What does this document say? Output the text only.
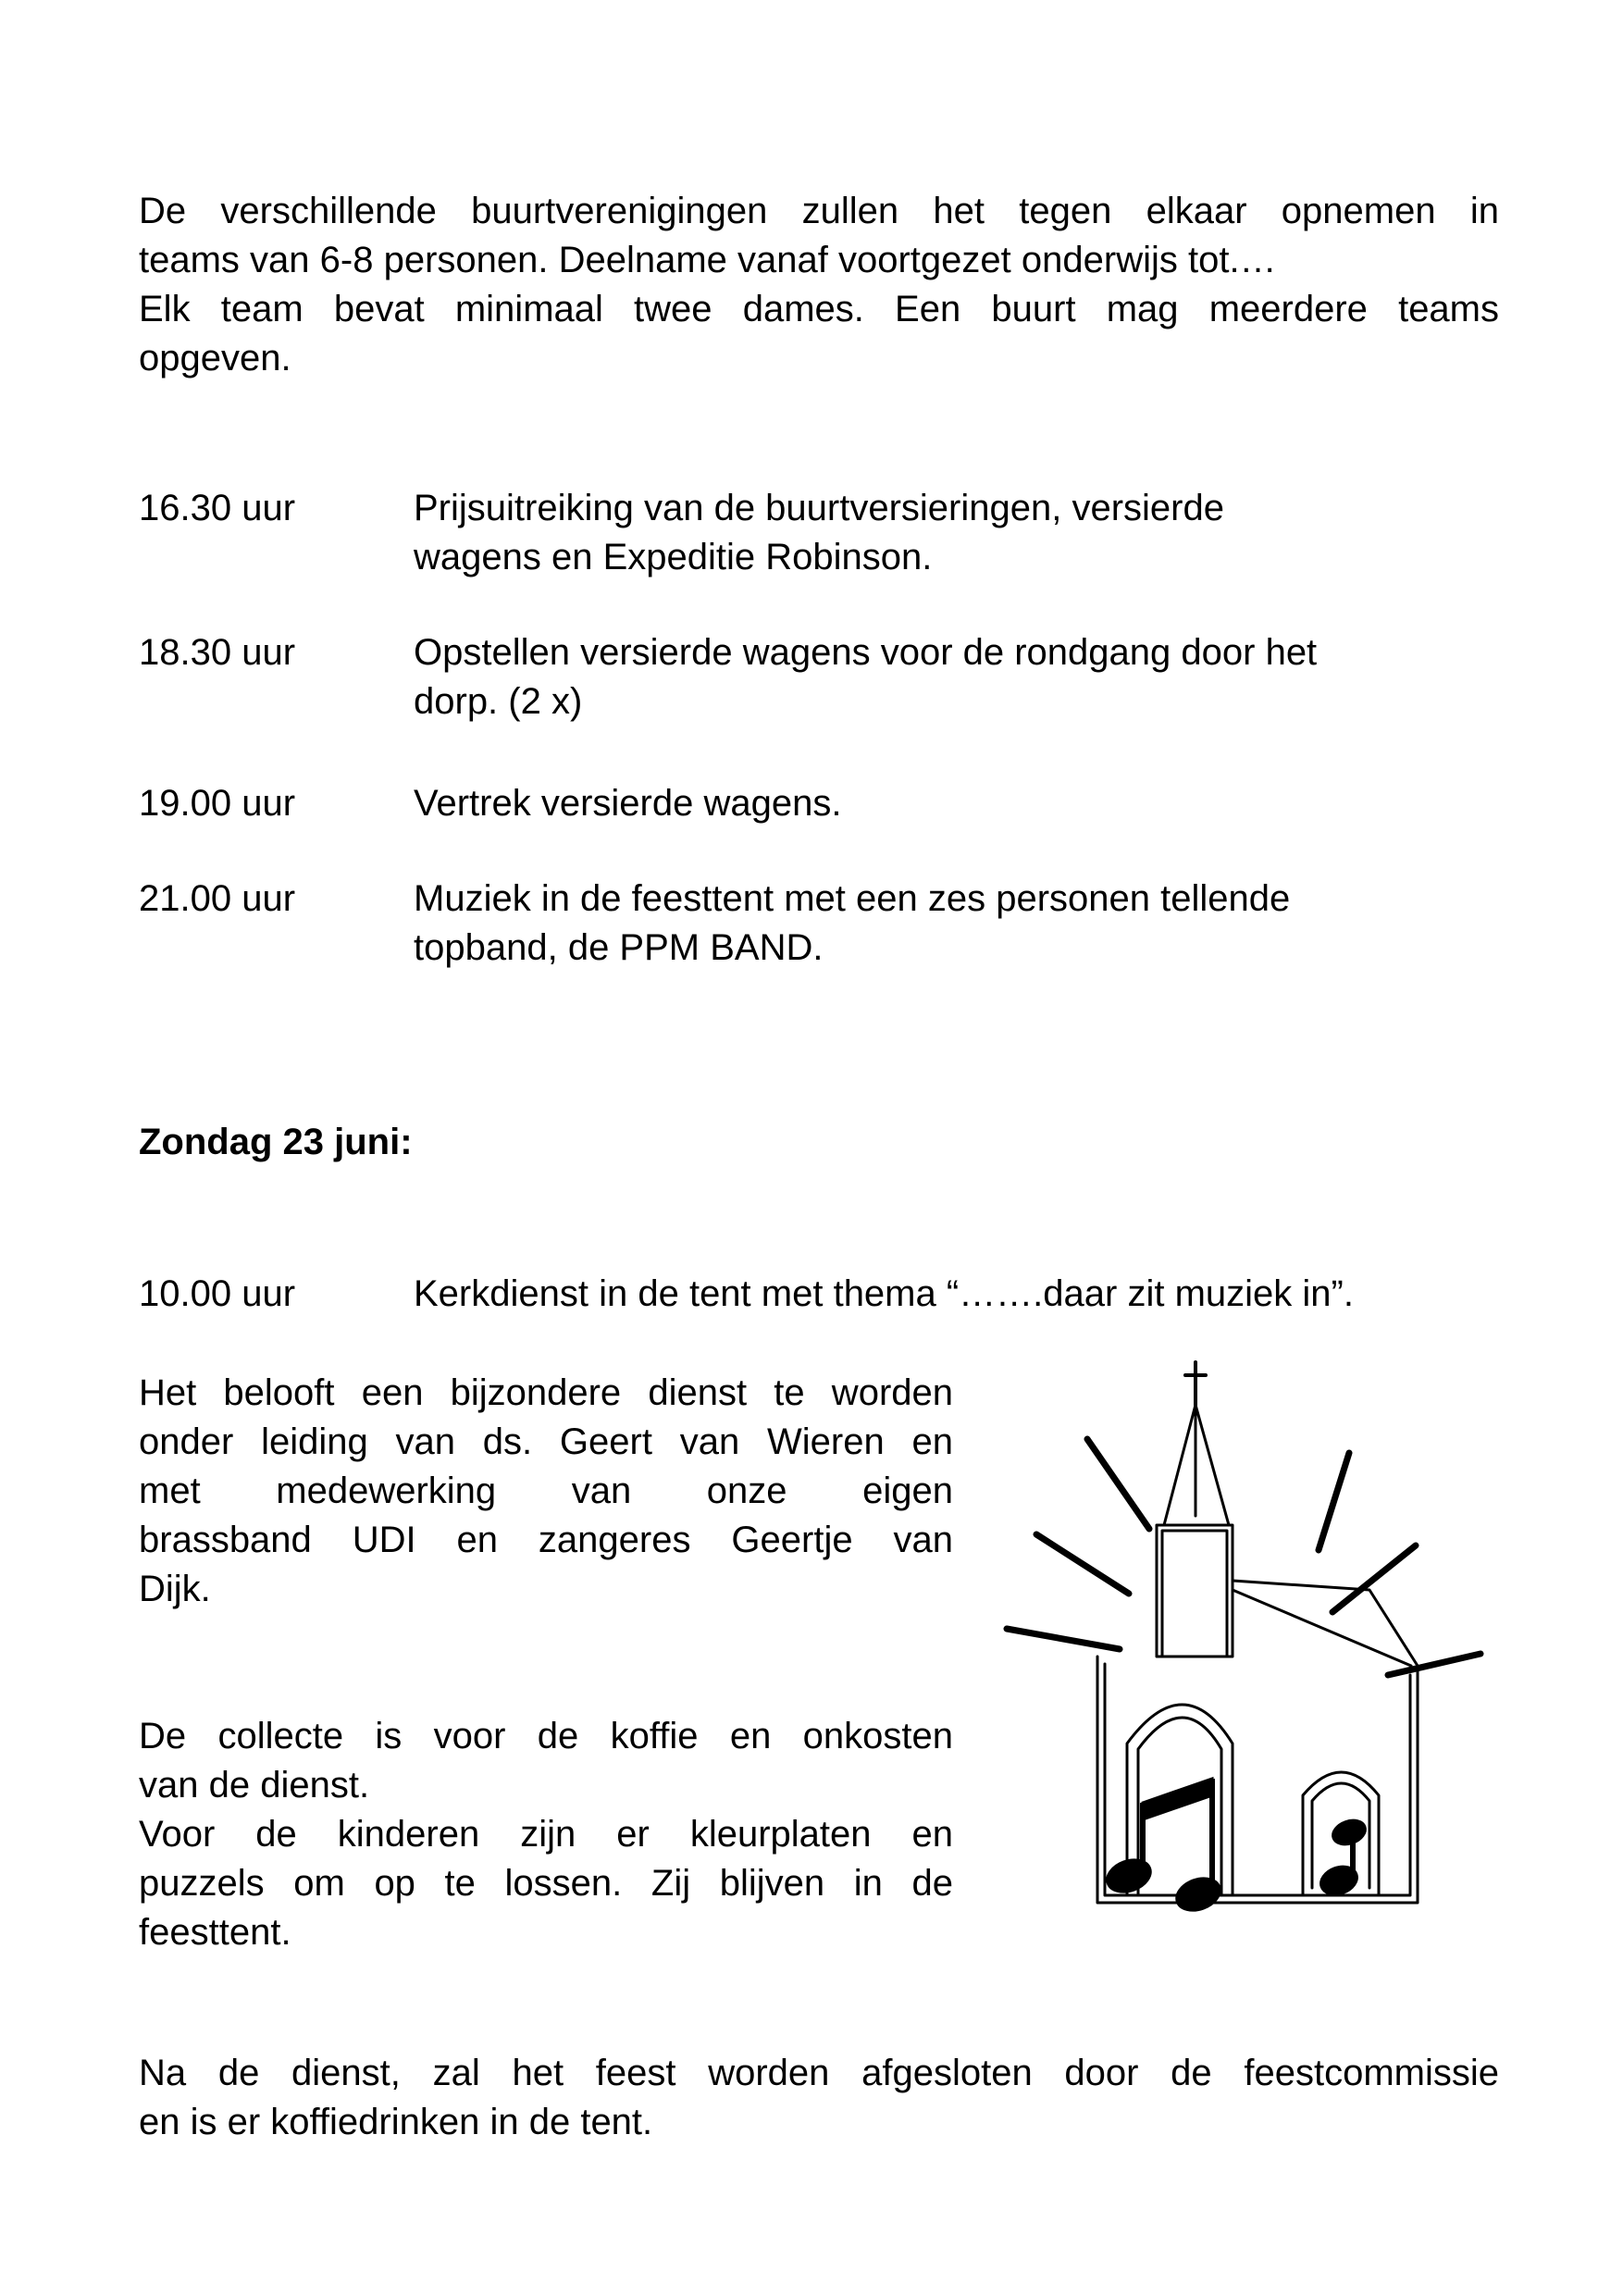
De verschillende buurtverenigingen zullen het tegen elkaar opnemen in
teams van 6-8 personen. Deelname vanaf voortgezet onderwijs tot.…
Elk team bevat minimaal twee dames. Een buurt mag meerdere teams
opgeven.

16.30 uur	Prijsuitreiking van de buurtversieringen, versierde
wagens en Expeditie Robinson.
18.30 uur	Opstellen versierde wagens voor de rondgang door het
dorp. (2 x)
19.00 uur	Vertrek versierde wagens.
21.00 uur	Muziek in de feesttent met een zes personen tellende
topband, de PPM BAND.
Zondag 23 juni:
10.00 uur	Kerkdienst in de tent met thema “…….daar zit muziek in”.

Het belooft een bijzondere dienst te worden
onder leiding van ds. Geert van Wieren en
met medewerking van onze eigen
brassband UDI en zangeres Geertje van
Dijk.

De collecte is voor de koffie en onkosten
van de dienst.
Voor de kinderen zijn er kleurplaten en
puzzels om op te lossen. Zij blijven in de
feesttent.

Na de dienst, zal het feest worden afgesloten door de feestcommissie
en is er koffiedrinken in de tent.
